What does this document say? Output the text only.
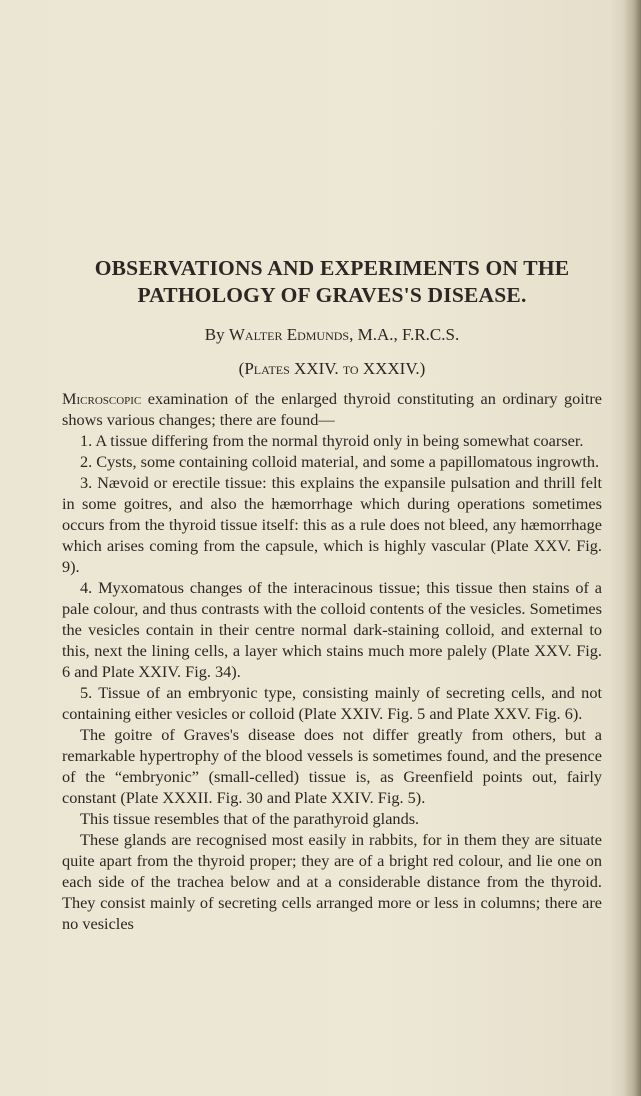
OBSERVATIONS AND EXPERIMENTS ON THE
PATHOLOGY OF GRAVES'S DISEASE.
By Walter Edmunds, M.A., F.R.C.S.
(Plates XXIV. to XXXIV.)

Microscopic examination of the enlarged thyroid constituting an ordinary goitre shows various changes; there are found—

1. A tissue differing from the normal thyroid only in being somewhat coarser.

2. Cysts, some containing colloid material, and some a papillomatous ingrowth.

3. Nævoid or erectile tissue: this explains the expansile pulsation and thrill felt in some goitres, and also the hæmorrhage which during operations sometimes occurs from the thyroid tissue itself: this as a rule does not bleed, any hæmorrhage which arises coming from the capsule, which is highly vascular (Plate XXV. Fig. 9).

4. Myxomatous changes of the interacinous tissue; this tissue then stains of a pale colour, and thus contrasts with the colloid contents of the vesicles. Sometimes the vesicles contain in their centre normal dark-staining colloid, and external to this, next the lining cells, a layer which stains much more palely (Plate XXV. Fig. 6 and Plate XXIV. Fig. 34).

5. Tissue of an embryonic type, consisting mainly of secreting cells, and not containing either vesicles or colloid (Plate XXIV. Fig. 5 and Plate XXV. Fig. 6).

The goitre of Graves's disease does not differ greatly from others, but a remarkable hypertrophy of the blood vessels is sometimes found, and the presence of the “embryonic” (small-celled) tissue is, as Greenfield points out, fairly constant (Plate XXXII. Fig. 30 and Plate XXIV. Fig. 5).

This tissue resembles that of the parathyroid glands.

These glands are recognised most easily in rabbits, for in them they are situate quite apart from the thyroid proper; they are of a bright red colour, and lie one on each side of the trachea below and at a considerable distance from the thyroid. They consist mainly of secreting cells arranged more or less in columns; there are no vesicles
